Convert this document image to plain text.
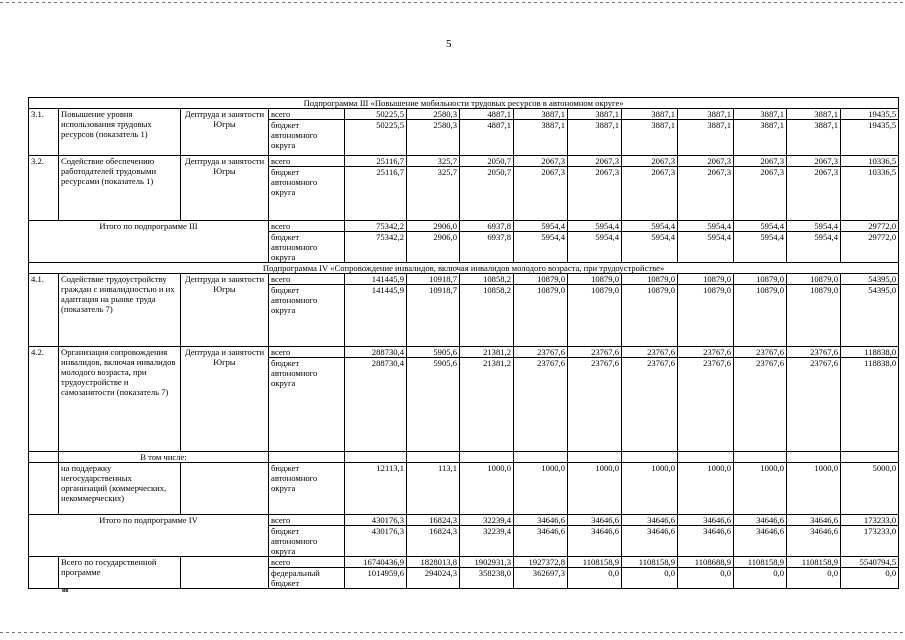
5
Подпрограмма III «Повышение мобильности трудовых ресурсов в автономном округе»													
3.1.	Повышение уровня использования трудовых ресурсов (показатель 1)	Дептруда и занятости Югры	всего	50225,5	2580,3	4887,1	3887,1	3887,1	3887,1	3887,1	3887,1	3887,1	19435,5
			бюджет автономного округа	50225,5	2580,3	4887,1	3887,1	3887,1	3887,1	3887,1	3887,1	3887,1	19435,5
3.2.	Содействие обеспечению работодателей трудовыми ресурсами (показатель 1)	Дептруда и занятости Югры	всего	25116,7	325,7	2050,7	2067,3	2067,3	2067,3	2067,3	2067,3	2067,3	10336,5
			бюджет автономного округа	25116,7	325,7	2050,7	2067,3	2067,3	2067,3	2067,3	2067,3	2067,3	10336,5
Итого по подпрограмме III			всего	75342,2	2906,0	6937,8	5954,4	5954,4	5954,4	5954,4	5954,4	5954,4	29772,0
			бюджет автономного округа	75342,2	2906,0	6937,8	5954,4	5954,4	5954,4	5954,4	5954,4	5954,4	29772,0
Подпрограмма IV «Сопровождение инвалидов, включая инвалидов молодого возраста, при трудоустройстве»													
4.1.	Содействие трудоустройству граждан с инвалидностью и их адаптация на рынке труда (показатель 7)	Дептруда и занятости Югры	всего	141445,9	10918,7	10858,2	10879,0	10879,0	10879,0	10879,0	10879,0	10879,0	54395,0
			бюджет автономного округа	141445,9	10918,7	10858,2	10879,0	10879,0	10879,0	10879,0	10879,0	10879,0	54395,0
4.2.	Организация сопровождения инвалидов, включая инвалидов молодого возраста, при трудоустройстве и самозанятости (показатель 7)	Дептруда и занятости Югры	всего	288730,4	5905,6	21381,2	23767,6	23767,6	23767,6	23767,6	23767,6	23767,6	118838,0
			бюджет автономного округа	288730,4	5905,6	21381,2	23767,6	23767,6	23767,6	23767,6	23767,6	23767,6	118838,0
	В том числе:												
	на поддержку негосударственных организаций (коммерческих, некоммерческих)		бюджет автономного округа	12113,1	113,1	1000,0	1000,0	1000,0	1000,0	1000,0	1000,0	1000,0	5000,0
Итого по подпрограмме IV			всего	430176,3	16824,3	32239,4	34646,6	34646,6	34646,6	34646,6	34646,6	34646,6	173233,0
			бюджет автономного округа	430176,3	16824,3	32239,4	34646,6	34646,6	34646,6	34646,6	34646,6	34646,6	173233,0
	Всего по государственной программе		всего	16740436,9	1828013,8	1902931,3	1927372,8	1108158,9	1108158,9	1108688,9	1108158,9	1108158,9	5540794,5
			федеральный бюджет	1014959,6	294024,3	358238,0	362697,3	0,0	0,0	0,0	0,0	0,0	0,0
вв
